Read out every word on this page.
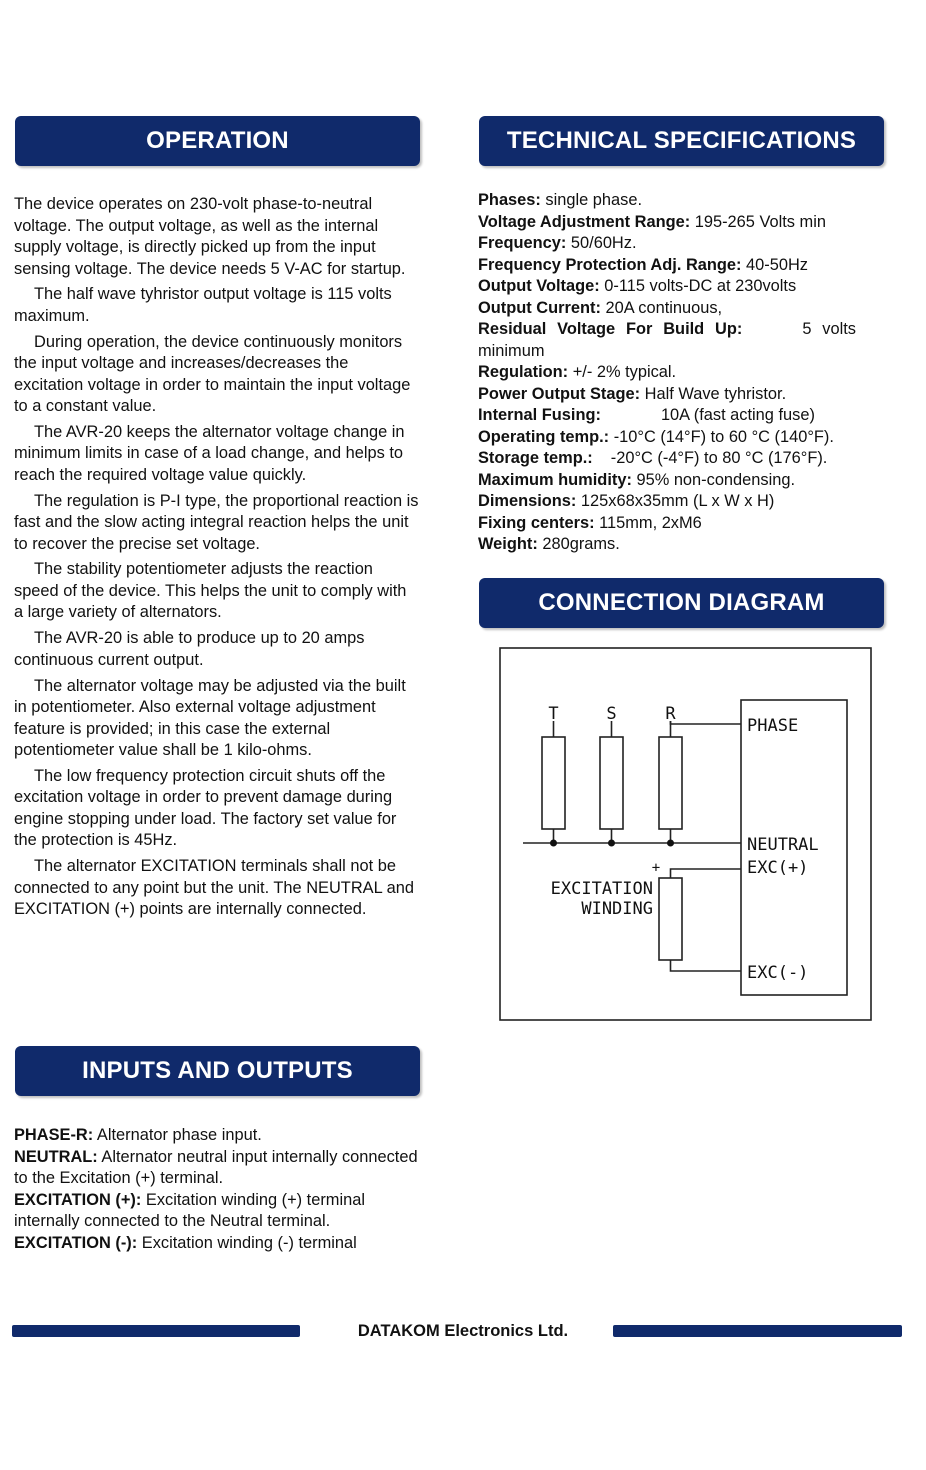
OPERATION

The device operates on 230-volt phase-to-neutral voltage. The output voltage, as well as the internal supply voltage, is directly picked up from the input sensing voltage. The device needs 5 V-AC for startup.

The half wave tyhristor output voltage is 115 volts maximum.

During operation, the device continuously monitors the input voltage and increases/decreases the excitation voltage in order to maintain the input voltage to a constant value.

The AVR-20 keeps the alternator voltage change in minimum limits in case of a load change, and helps to reach the required voltage value quickly.

The regulation is P-I type, the proportional reaction is fast and the slow acting integral reaction helps the unit to recover the precise set voltage.

The stability potentiometer adjusts the reaction speed of the device. This helps the unit to comply with a large variety of alternators.

The AVR-20 is able to produce up to 20 amps continuous current output.

The alternator voltage may be adjusted via the built in potentiometer. Also external voltage adjustment feature is provided; in this case the external potentiometer value shall be 1 kilo-ohms.

The low frequency protection circuit shuts off the excitation voltage in order to prevent damage during engine stopping under load. The factory set value for the protection is 45Hz.

The alternator EXCITATION terminals shall not be connected to any point but the unit. The NEUTRAL and EXCITATION (+) points are internally connected.

INPUTS AND OUTPUTS

PHASE-R: Alternator phase input.

NEUTRAL: Alternator neutral input internally connected to the Excitation (+) terminal.

EXCITATION (+): Excitation winding (+) terminal internally connected to the Neutral terminal.

EXCITATION (-): Excitation winding (-) terminal

TECHNICAL SPECIFICATIONS

Phases: single phase.

Voltage Adjustment Range: 195-265 Volts min

Frequency: 50/60Hz.

Frequency Protection Adj. Range: 40-50Hz

Output Voltage: 0-115 volts-DC at 230volts

Output Current: 20A continuous,

Residual Voltage For Build Up:	5 volts minimum

Regulation: +/- 2% typical.

Power Output Stage: Half Wave tyhristor.

Internal Fusing:	10A (fast acting fuse)

Operating temp.: -10°C (14°F) to 60 °C (140°F).

Storage temp.: -20°C (-4°F) to 80 °C (176°F).

Maximum humidity: 95% non-condensing.

Dimensions: 125x68x35mm (L x W x H)

Fixing centers: 115mm, 2xM6

Weight: 280grams.

CONNECTION DIAGRAM
T	S	R
PHASE
NEUTRAL
EXC(+)
EXC(-)
+
EXCITATION
WINDING
DATAKOM Electronics Ltd.
